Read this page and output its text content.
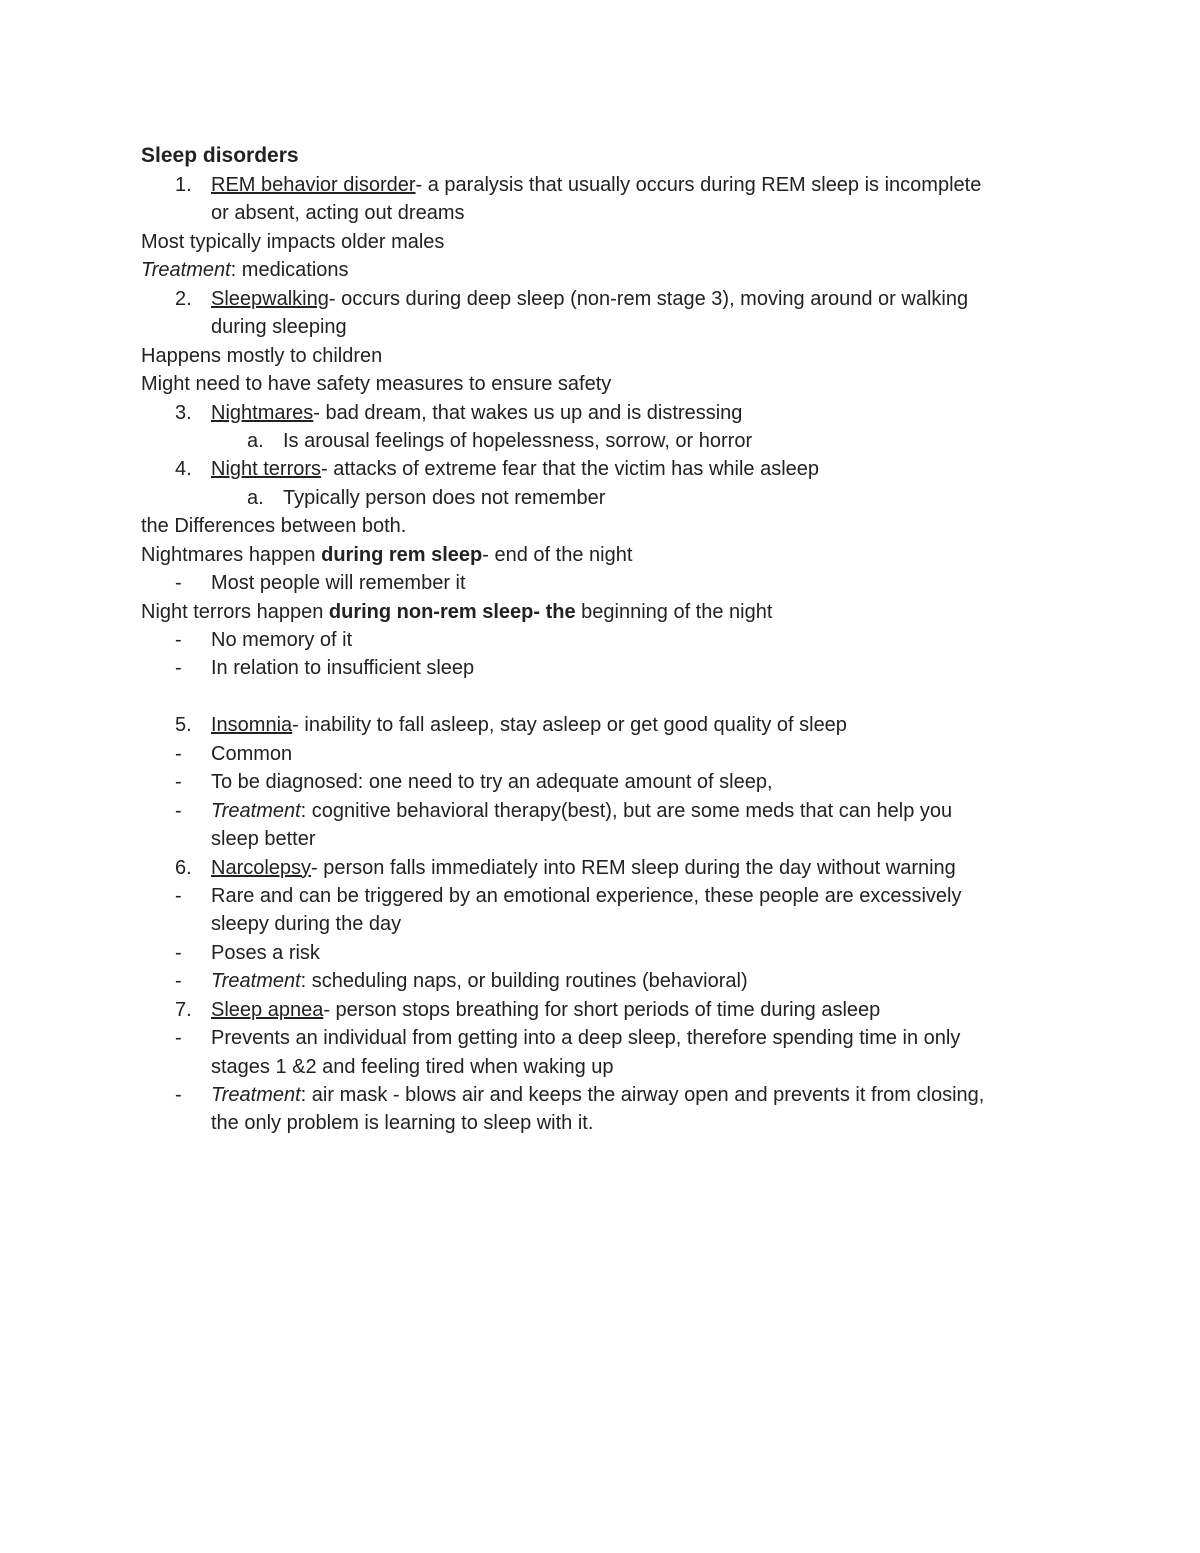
Sleep disorders
1. REM behavior disorder- a paralysis that usually occurs during REM sleep is incomplete
or absent, acting out dreams
Most typically impacts older males
Treatment: medications
2. Sleepwalking- occurs during deep sleep (non-rem stage 3), moving around or walking
during sleeping
Happens mostly to children
Might need to have safety measures to ensure safety
3. Nightmares- bad dream, that wakes us up and is distressing
a. Is arousal feelings of hopelessness, sorrow, or horror
4. Night terrors- attacks of extreme fear that the victim has while asleep
a. Typically person does not remember
the Differences between both.
Nightmares happen during rem sleep- end of the night
- Most people will remember it
Night terrors happen during non-rem sleep- the beginning of the night
- No memory of it
- In relation to insufficient sleep
5. Insomnia- inability to fall asleep, stay asleep or get good quality of sleep
- Common
- To be diagnosed: one need to try an adequate amount of sleep,
- Treatment: cognitive behavioral therapy(best), but are some meds that can help you
sleep better
6. Narcolepsy- person falls immediately into REM sleep during the day without warning
- Rare and can be triggered by an emotional experience, these people are excessively
sleepy during the day
- Poses a risk
- Treatment: scheduling naps, or building routines (behavioral)
7. Sleep apnea- person stops breathing for short periods of time during asleep
- Prevents an individual from getting into a deep sleep, therefore spending time in only
stages 1 &2 and feeling tired when waking up
- Treatment: air mask - blows air and keeps the airway open and prevents it from closing,
the only problem is learning to sleep with it.
